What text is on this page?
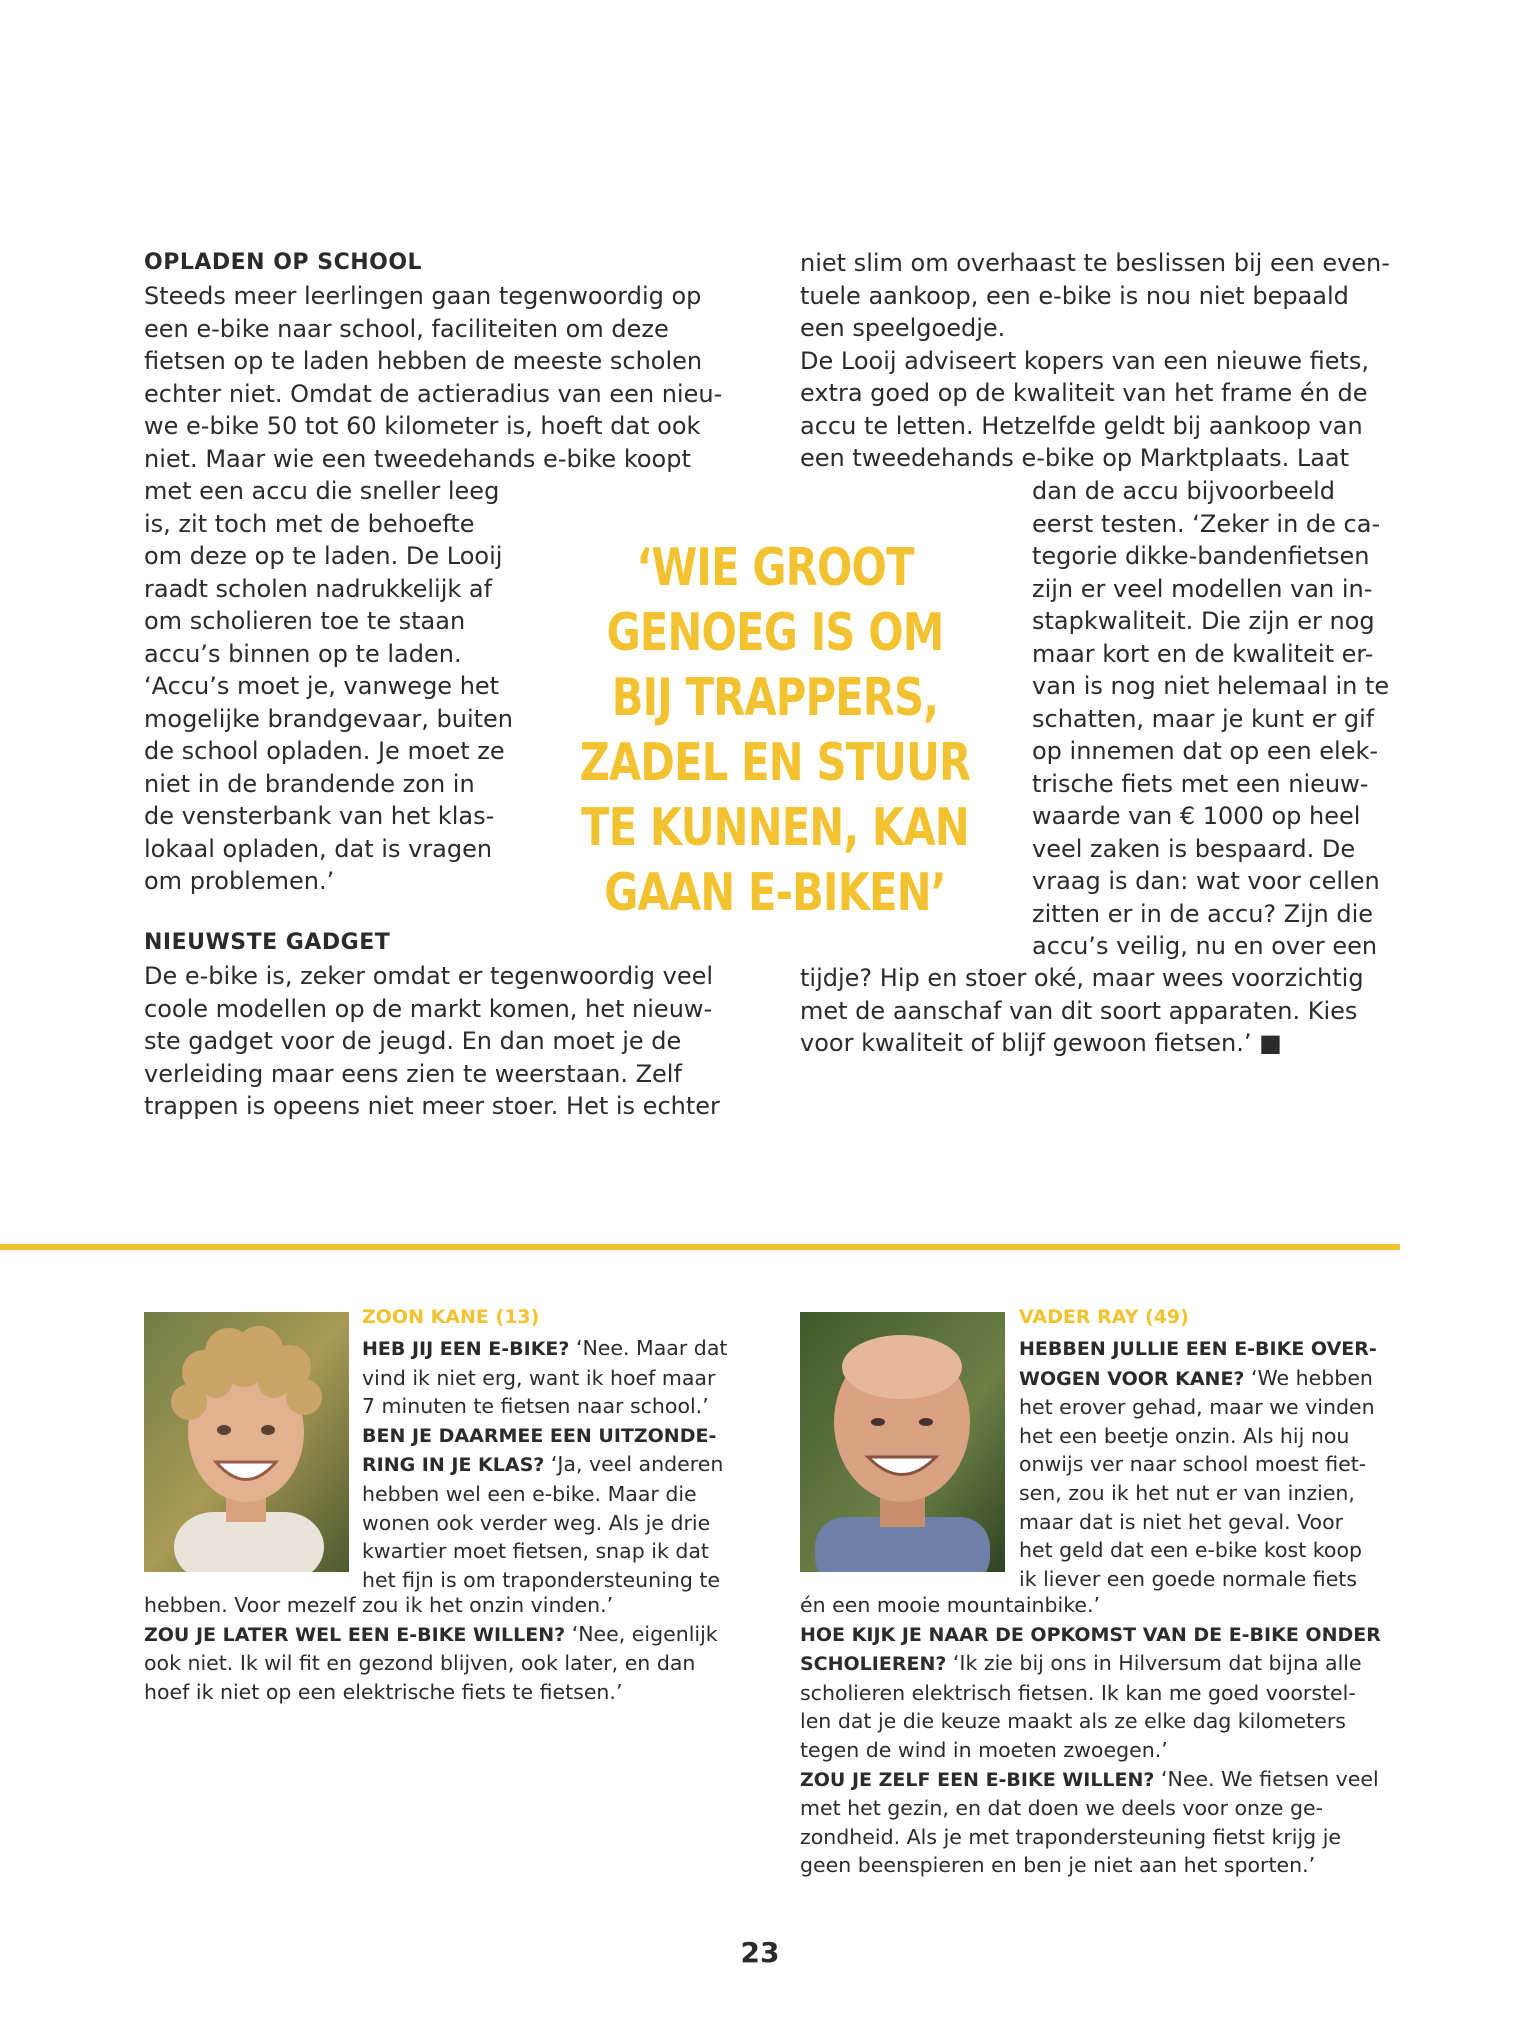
OPLADEN OP SCHOOL
Steeds meer leerlingen gaan tegenwoordig op
een e-bike naar school, faciliteiten om deze
fietsen op te laden hebben de meeste scholen
echter niet. Omdat de actieradius van een nieu-
we e-bike 50 tot 60 kilometer is, hoeft dat ook
niet. Maar wie een tweedehands e-bike koopt
met een accu die sneller leeg
is, zit toch met de behoefte
om deze op te laden. De Looij
raadt scholen nadrukkelijk af
om scholieren toe te staan
accu’s binnen op te laden.
‘Accu’s moet je, vanwege het
mogelijke brandgevaar, buiten
de school opladen. Je moet ze
niet in de brandende zon in
de vensterbank van het klas-
lokaal opladen, dat is vragen
om problemen.’
NIEUWSTE GADGET
De e-bike is, zeker omdat er tegenwoordig veel
coole modellen op de markt komen, het nieuw-
ste gadget voor de jeugd. En dan moet je de
verleiding maar eens zien te weerstaan. Zelf
trappen is opeens niet meer stoer. Het is echter
niet slim om overhaast te beslissen bij een even-
tuele aankoop, een e-bike is nou niet bepaald
een speelgoedje.
De Looij adviseert kopers van een nieuwe fiets,
extra goed op de kwaliteit van het frame én de
accu te letten. Hetzelfde geldt bij aankoop van
een tweedehands e-bike op Marktplaats. Laat
dan de accu bijvoorbeeld
eerst testen. ‘Zeker in de ca-
tegorie dikke-bandenfietsen
zijn er veel modellen van in-
stapkwaliteit. Die zijn er nog
maar kort en de kwaliteit er-
van is nog niet helemaal in te
schatten, maar je kunt er gif
op innemen dat op een elek-
trische fiets met een nieuw-
waarde van € 1000 op heel
veel zaken is bespaard. De
vraag is dan: wat voor cellen
zitten er in de accu? Zijn die
accu’s veilig, nu en over een
tijdje? Hip en stoer oké, maar wees voorzichtig
met de aanschaf van dit soort apparaten. Kies
voor kwaliteit of blijf gewoon fietsen.’ ■
‘WIE GROOT
GENOEG IS OM
BIJ TRAPPERS,
ZADEL EN STUUR
TE KUNNEN, KAN
GAAN E-BIKEN’
ZOON KANE (13)
HEB JIJ EEN E-BIKE? ‘Nee. Maar dat
vind ik niet erg, want ik hoef maar
7 minuten te fietsen naar school.’
BEN JE DAARMEE EEN UITZONDE-
RING IN JE KLAS? ‘Ja, veel anderen
hebben wel een e-bike. Maar die
wonen ook verder weg. Als je drie
kwartier moet fietsen, snap ik dat
het fijn is om trapondersteuning te
hebben. Voor mezelf zou ik het onzin vinden.’
ZOU JE LATER WEL EEN E-BIKE WILLEN? ‘Nee, eigenlijk
ook niet. Ik wil fit en gezond blijven, ook later, en dan
hoef ik niet op een elektrische fiets te fietsen.’
VADER RAY (49)
HEBBEN JULLIE EEN E-BIKE OVER-
WOGEN VOOR KANE? ‘We hebben
het erover gehad, maar we vinden
het een beetje onzin. Als hij nou
onwijs ver naar school moest fiet-
sen, zou ik het nut er van inzien,
maar dat is niet het geval. Voor
het geld dat een e-bike kost koop
ik liever een goede normale fiets
én een mooie mountainbike.’
HOE KIJK JE NAAR DE OPKOMST VAN DE E-BIKE ONDER
SCHOLIEREN? ‘Ik zie bij ons in Hilversum dat bijna alle
scholieren elektrisch fietsen. Ik kan me goed voorstel-
len dat je die keuze maakt als ze elke dag kilometers
tegen de wind in moeten zwoegen.’
ZOU JE ZELF EEN E-BIKE WILLEN? ‘Nee. We fietsen veel
met het gezin, en dat doen we deels voor onze ge-
zondheid. Als je met trapondersteuning fietst krijg je
geen beenspieren en ben je niet aan het sporten.’
23
